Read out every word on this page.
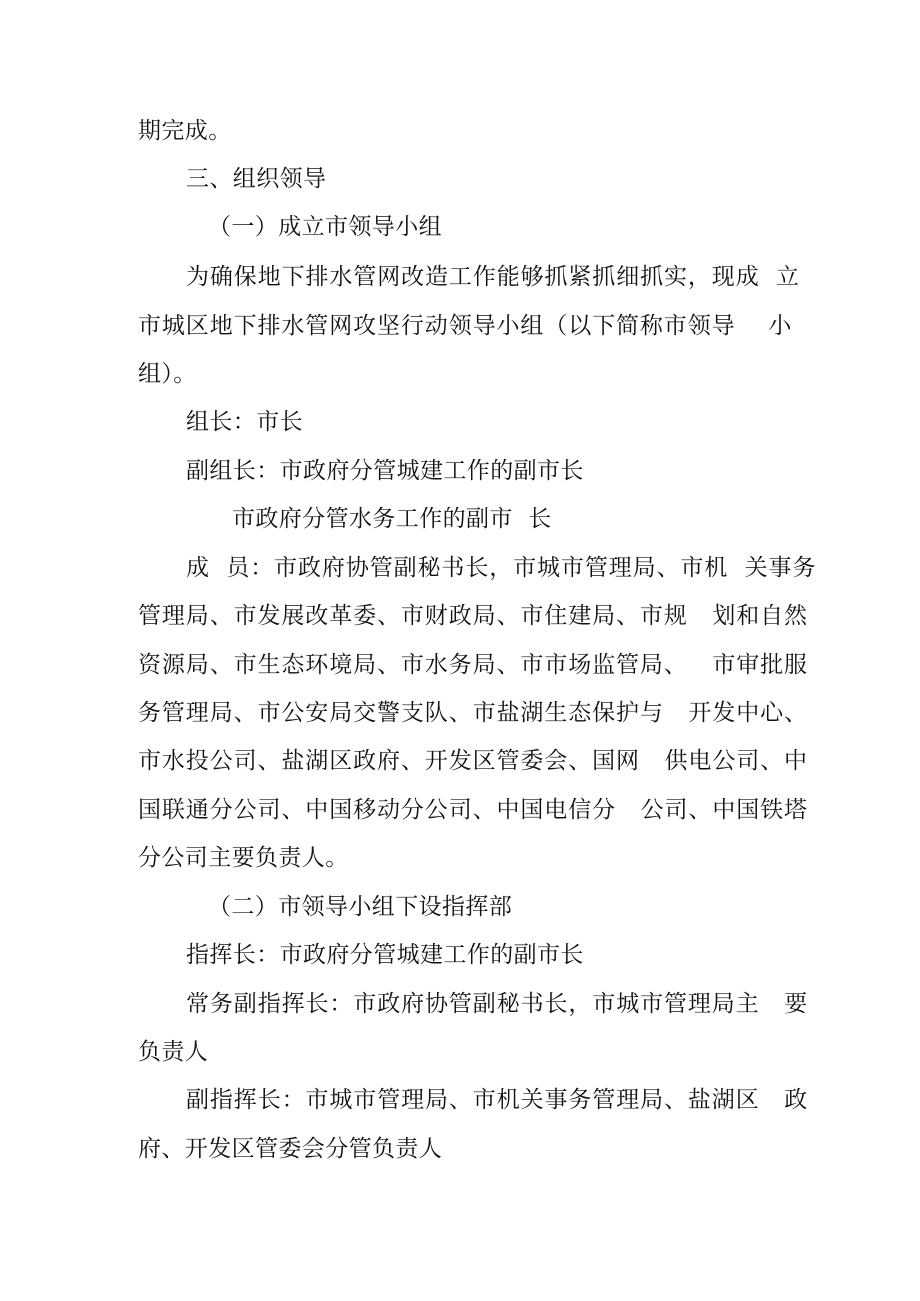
期完成。
三、组织领导
（一）成立市领导小组
为确保地下排水管网改造工作能够抓紧抓细抓实，现成  立
市城区地下排水管网攻坚行动领导小组（以下简称市领导    小
组）。
组长：市长
副组长：市政府分管城建工作的副市长
市政府分管水务工作的副市  长
成  员：市政府协管副秘书长，市城市管理局、市机  关事务
管理局、市发展改革委、市财政局、市住建局、市规   划和自然
资源局、市生态环境局、市水务局、市市场监管局、   市审批服
务管理局、市公安局交警支队、市盐湖生态保护与   开发中心、
市水投公司、盐湖区政府、开发区管委会、国网   供电公司、中
国联通分公司、中国移动分公司、中国电信分   公司、中国铁塔
分公司主要负责人。
（二）市领导小组下设指挥部
指挥长：市政府分管城建工作的副市长
常务副指挥长：市政府协管副秘书长，市城市管理局主   要
负责人
副指挥长：市城市管理局、市机关事务管理局、盐湖区   政
府、开发区管委会分管负责人
